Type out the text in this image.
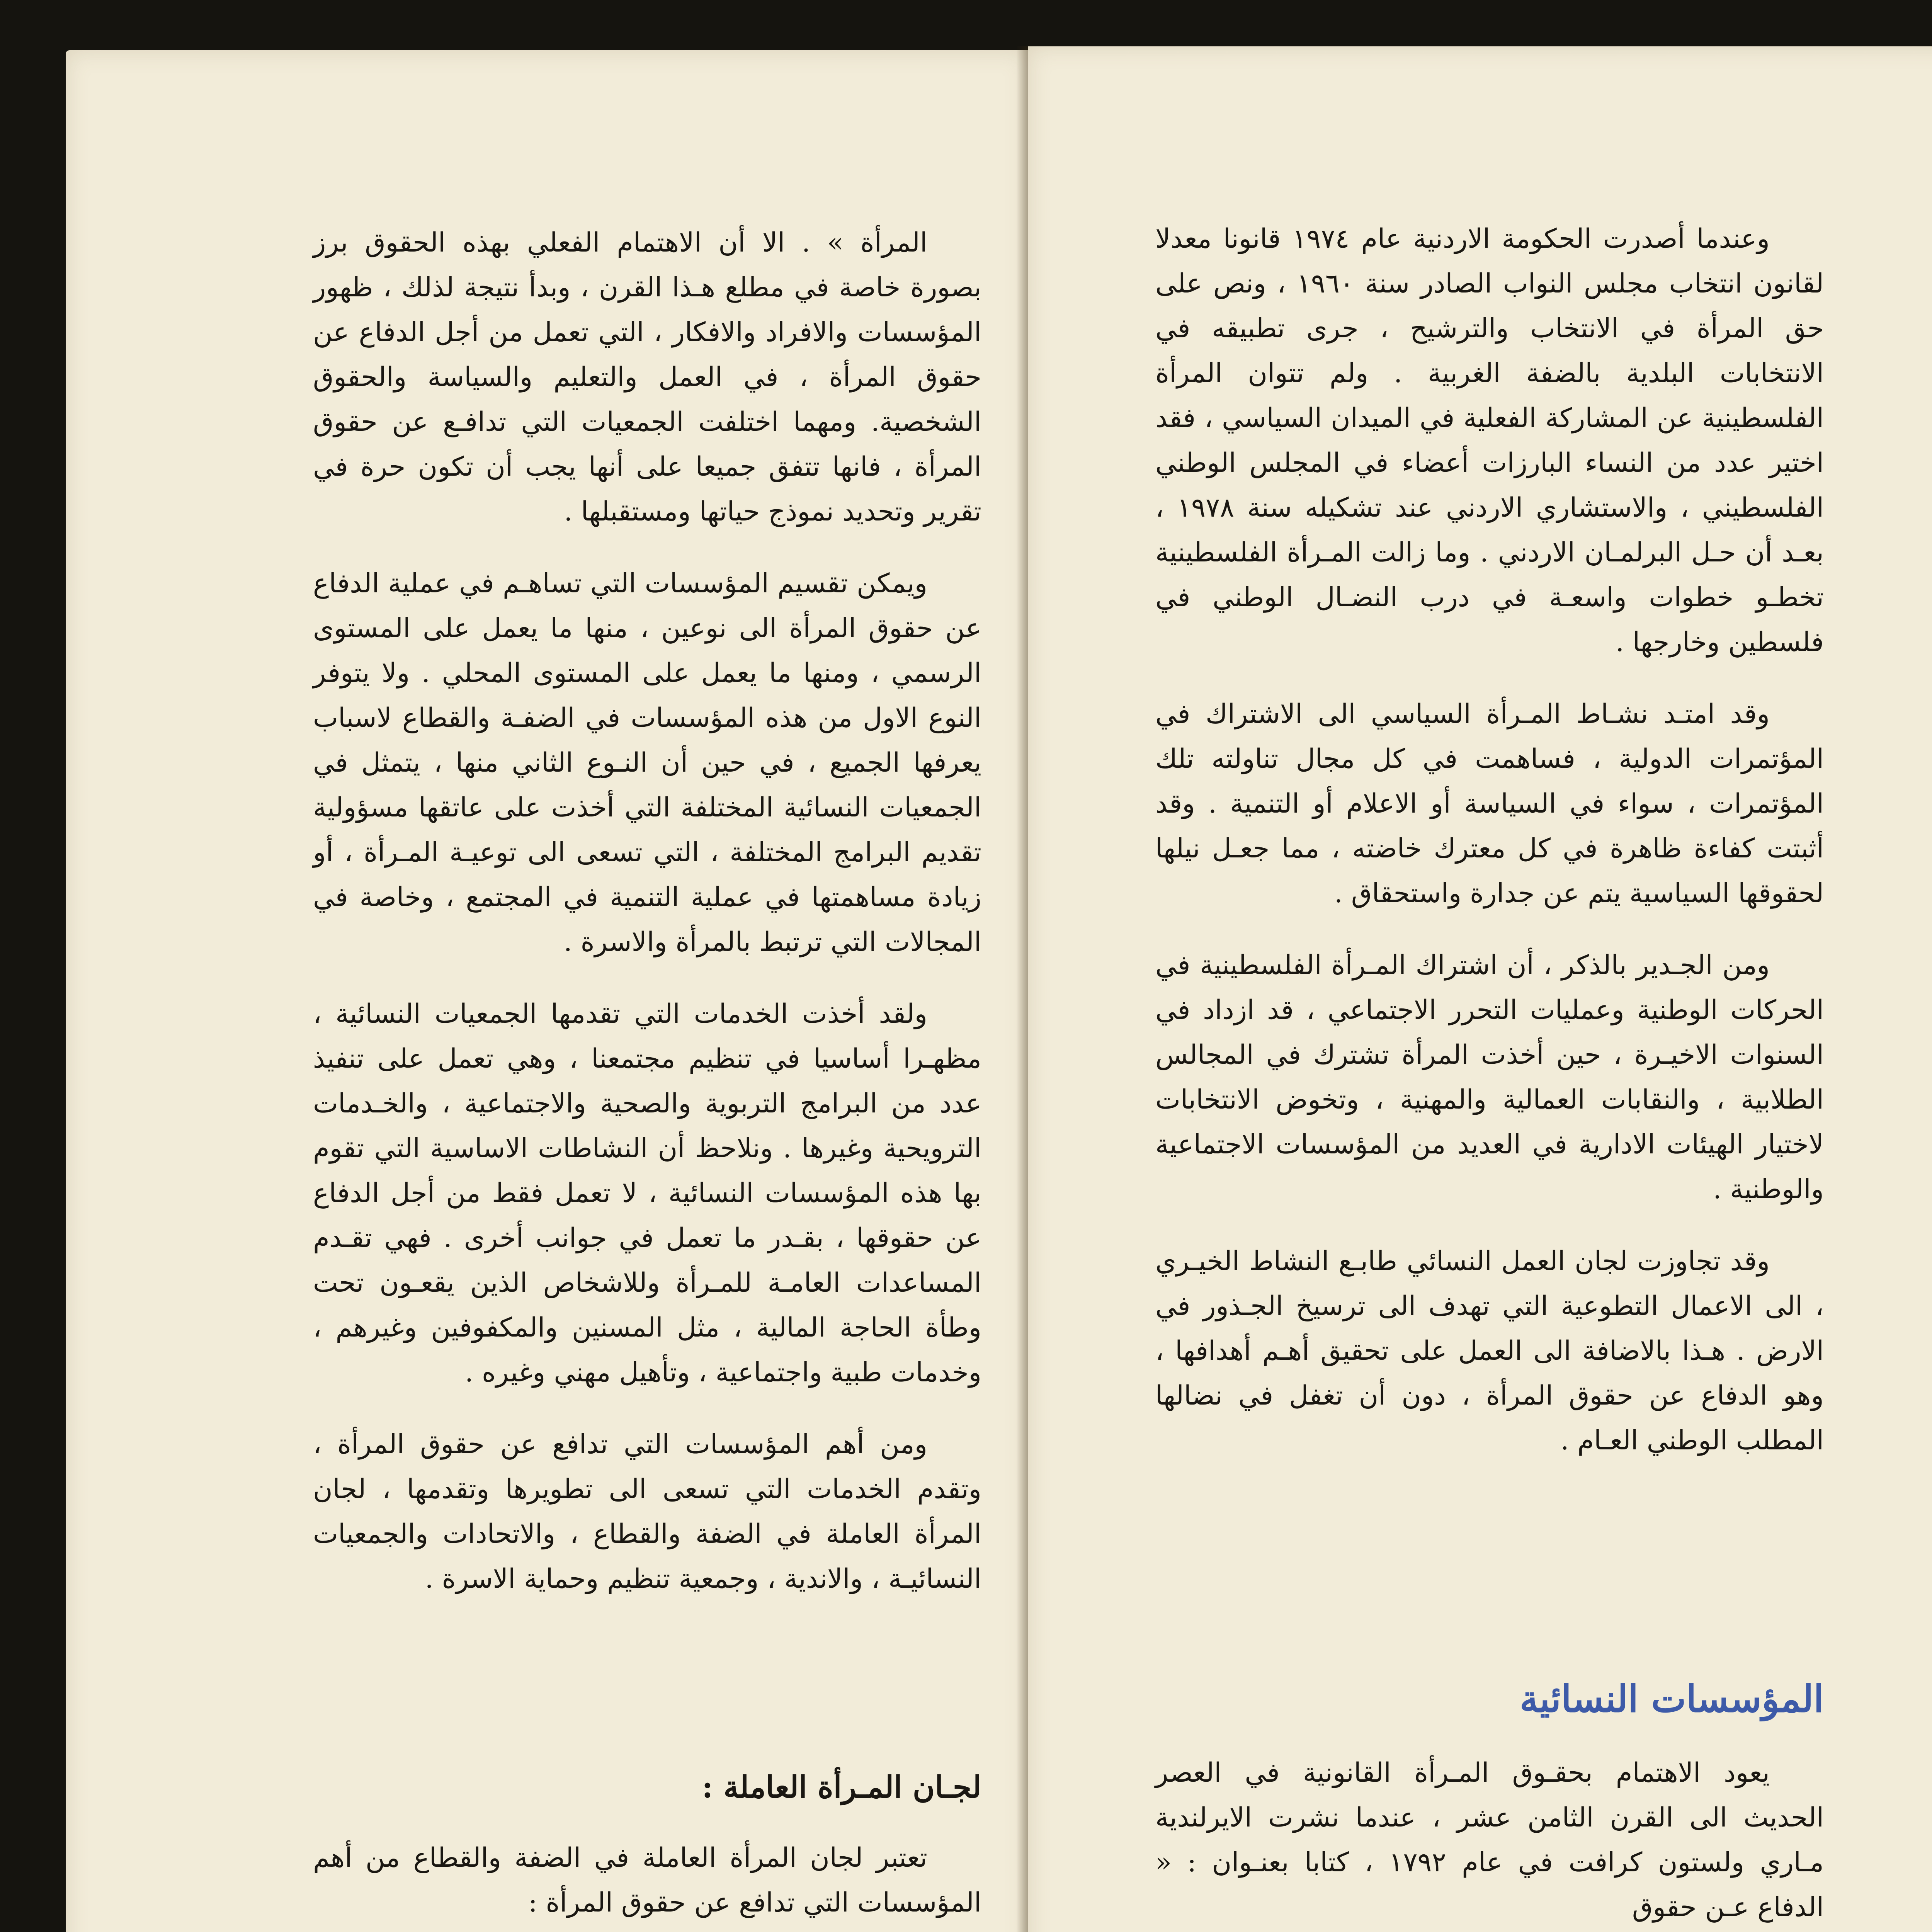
المرأة » . الا أن الاهتمام الفعلي بهذه الحقوق برز بصورة خاصة في مطلع هـذا القرن ، وبدأ نتيجة لذلك ، ظهور المؤسسات والافراد والافكار ، التي تعمل من أجل الدفاع عن حقوق المرأة ، في العمل والتعليم والسياسة والحقوق الشخصية. ومهما اختلفت الجمعيات التي تدافـع عن حقوق المرأة ، فانها تتفق جميعا على أنها يجب أن تكون حرة في تقرير وتحديد نموذج حياتها ومستقبلها .

ويمكن تقسيم المؤسسات التي تساهـم في عملية الدفاع عن حقوق المرأة الى نوعين ، منها ما يعمل على المستوى الرسمي ، ومنها ما يعمل على المستوى المحلي . ولا يتوفر النوع الاول من هذه المؤسسات في الضفـة والقطاع لاسباب يعرفها الجميع ، في حين أن النـوع الثاني منها ، يتمثل في الجمعيات النسائية المختلفة التي أخذت على عاتقها مسؤولية تقديم البرامج المختلفة ، التي تسعى الى توعيـة المـرأة ، أو زيادة مساهمتها في عملية التنمية في المجتمع ، وخاصة في المجالات التي ترتبط بالمرأة والاسرة .

ولقد أخذت الخدمات التي تقدمها الجمعيات النسائية ، مظهـرا أساسيا في تنظيم مجتمعنا ، وهي تعمل على تنفيذ عدد من البرامج التربوية والصحية والاجتماعية ، والخـدمات الترويحية وغيرها . ونلاحظ أن النشاطات الاساسية التي تقوم بها هذه المؤسسات النسائية ، لا تعمل فقط من أجل الدفاع عن حقوقها ، بقـدر ما تعمل في جوانب أخرى . فهي تقـدم المساعدات العامـة للمـرأة وللاشخاص الذين يقعـون تحت وطأة الحاجة المالية ، مثل المسنين والمكفوفين وغيرهم ، وخدمات طبية واجتماعية ، وتأهيل مهني وغيره .

ومن أهم المؤسسات التي تدافع عن حقوق المرأة ، وتقدم الخدمات التي تسعى الى تطويرها وتقدمها ، لجان المرأة العاملة في الضفة والقطاع ، والاتحادات والجمعيات النسائيـة ، والاندية ، وجمعية تنظيم وحماية الاسرة .

لجـان المـرأة العاملة :

تعتبر لجان المرأة العاملة في الضفة والقطاع من أهم المؤسسات التي تدافع عن حقوق المرأة :

وعندما أصدرت الحكومة الاردنية عام ١٩٧٤ قانونا معدلا لقانون انتخاب مجلس النواب الصادر سنة ١٩٦٠ ، ونص على حق المرأة في الانتخاب والترشيح ، جرى تطبيقه في الانتخابات البلدية بالضفة الغربية . ولم تتوان المرأة الفلسطينية عن المشاركة الفعلية في الميدان السياسي ، فقد اختير عدد من النساء البارزات أعضاء في المجلس الوطني الفلسطيني ، والاستشاري الاردني عند تشكيله سنة ١٩٧٨ ، بعـد أن حـل البرلمـان الاردني . وما زالت المـرأة الفلسطينية تخطـو خطوات واسعـة في درب النضـال الوطني في فلسطين وخارجها .

وقد امتـد نشـاط المـرأة السياسي الى الاشتراك في المؤتمرات الدولية ، فساهمت في كل مجال تناولته تلك المؤتمرات ، سواء في السياسة أو الاعلام أو التنمية . وقد أثبتت كفاءة ظاهرة في كل معترك خاضته ، مما جعـل نيلها لحقوقها السياسية يتم عن جدارة واستحقاق .

ومن الجـدير بالذكر ، أن اشتراك المـرأة الفلسطينية في الحركات الوطنية وعمليات التحرر الاجتماعي ، قد ازداد في السنوات الاخيـرة ، حين أخذت المرأة تشترك في المجالس الطلابية ، والنقابات العمالية والمهنية ، وتخوض الانتخابات لاختيار الهيئات الادارية في العديد من المؤسسات الاجتماعية والوطنية .

وقد تجاوزت لجان العمل النسائي طابـع النشاط الخيـري ، الى الاعمال التطوعية التي تهدف الى ترسيخ الجـذور في الارض . هـذا بالاضافة الى العمل على تحقيق أهـم أهدافها ، وهو الدفاع عن حقوق المرأة ، دون أن تغفل في نضالها المطلب الوطني العـام .

المؤسسات النسائية

يعود الاهتمام بحقـوق المـرأة القانونية في العصر الحديث الى القرن الثامن عشر ، عندما نشرت الايرلندية مـاري ولستون كرافت في عام ١٧٩٢ ، كتابا بعنـوان : « الدفاع عـن حقوق
